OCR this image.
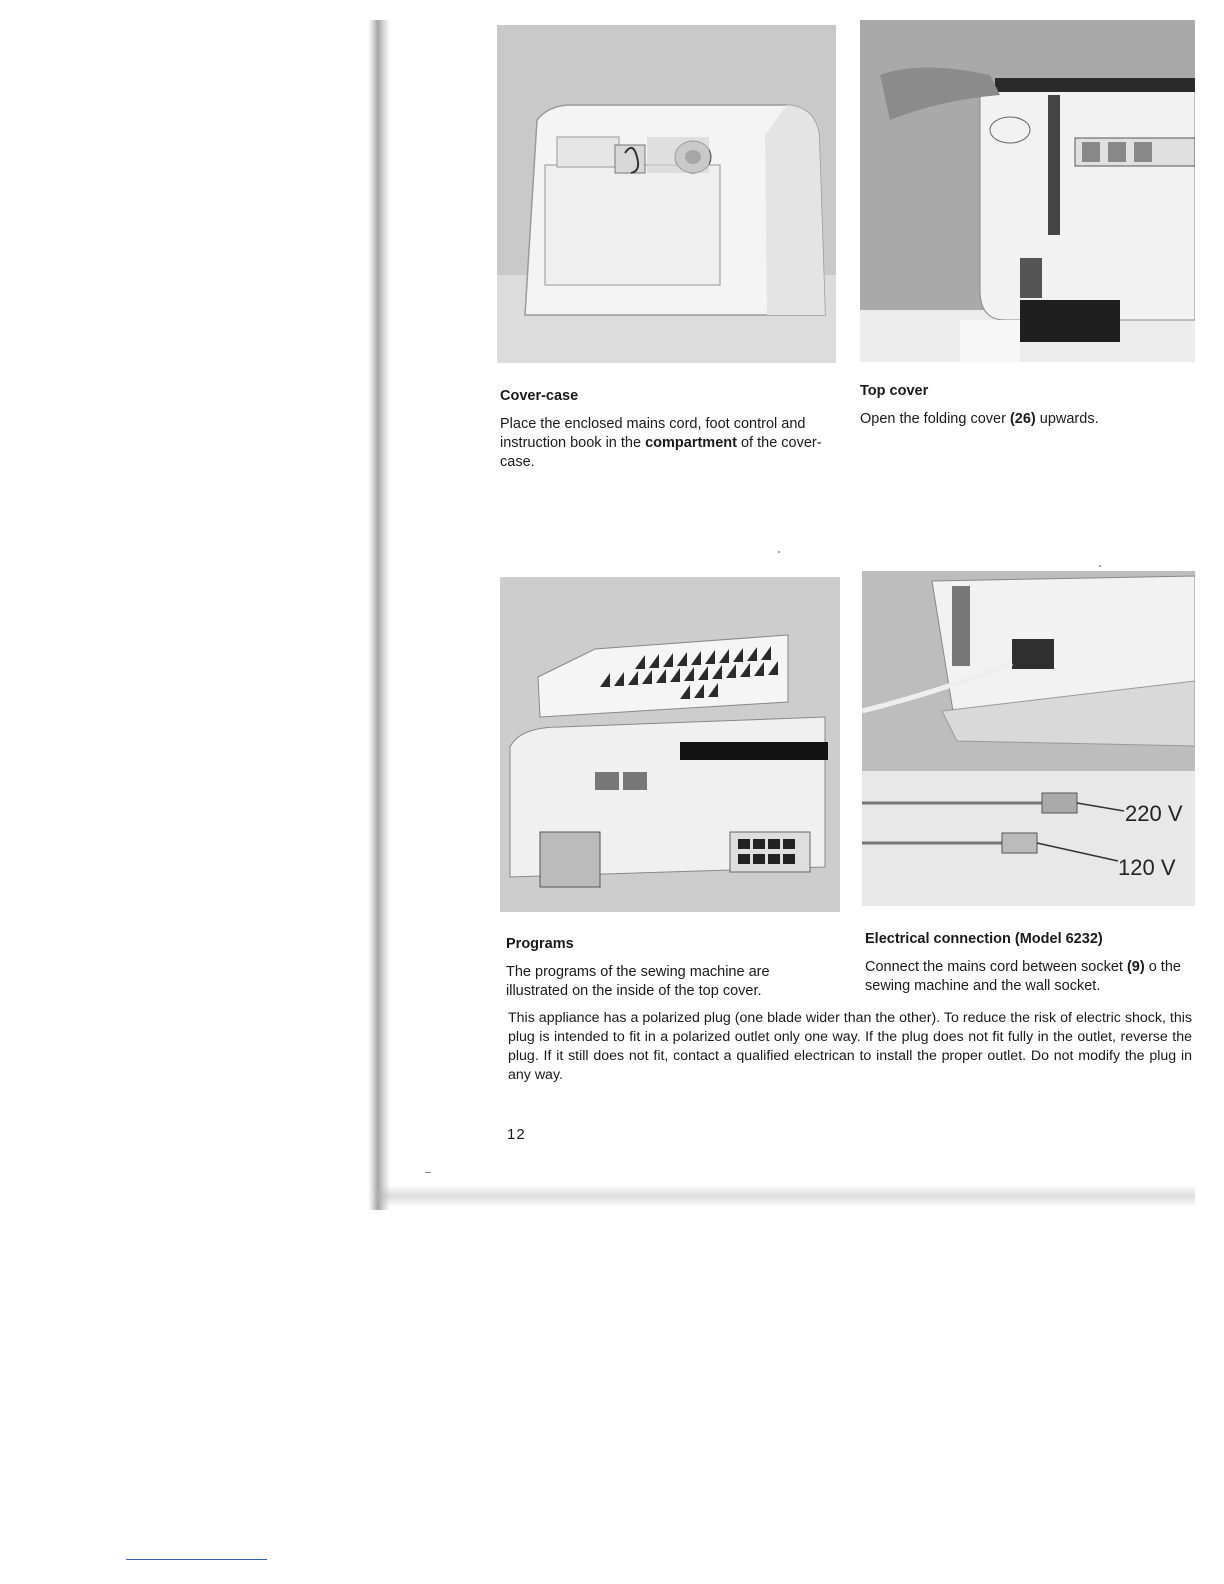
Cover-case

Place the enclosed mains cord, foot control and instruction book in the compartment of the cover-case.

Top cover

Open the folding cover (26) upwards.

220 V
120 V
Programs

The programs of the sewing machine are illustrated on the inside of the top cover.

Electrical connection (Model 6232)

Connect the mains cord between socket (9) o the sewing machine and the wall socket.

This appliance has a polarized plug (one blade wider than the other). To reduce the risk of electric shock, this plug is intended to fit in a polarized outlet only one way. If the plug does not fit fully in the outlet, reverse the plug. If it still does not fit, contact a qualified electrican to install the proper outlet. Do not modify the plug in any way.

12
